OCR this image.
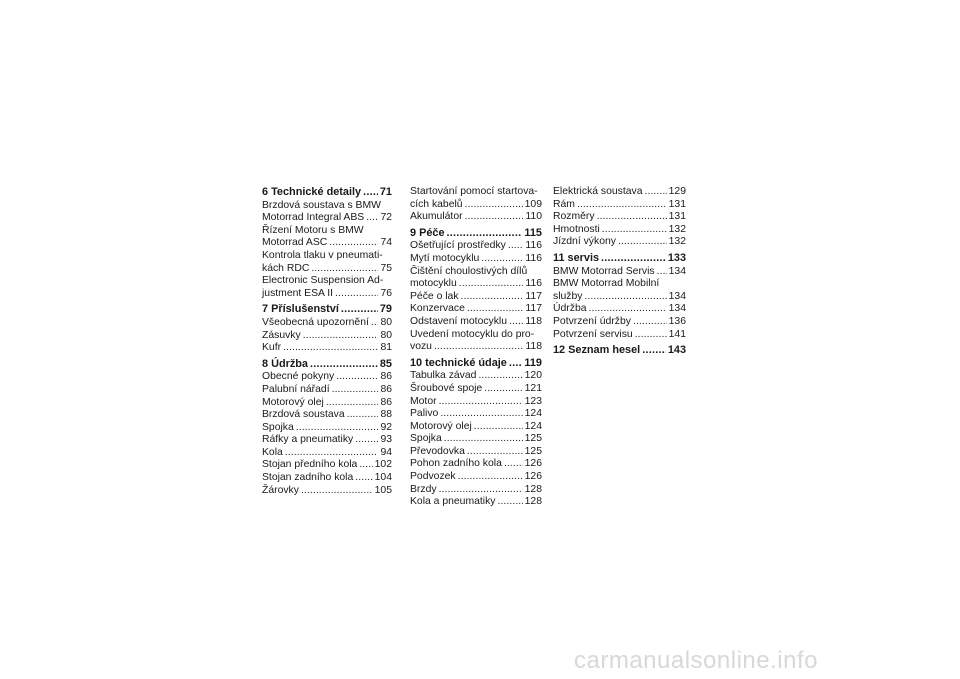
6 Technické detaily . . . 71
Brzdová soustava s BMW
Motorrad Integral ABS . . . 72
Řízení Motoru s BMW
Motorrad ASC . . .	74
Kontrola tlaku v pneumati-
kách RDC . . .	75
Electronic Suspension Ad-
justment ESA II . . .	76
7 Příslušenství . . .	79
Všeobecná upozornění . . . 80
Zásuvky . . .	80
Kufr . . .	81
8 Údržba . . .	85
Obecné pokyny . . .	86
Palubní nářadí . . .	86
Motorový olej . . .	86
Brzdová soustava . . .	88
Spojka . . .	92
Ráfky a pneumatiky . . .	93
Kola . . .	94
Stojan předního kola . . . 102
Stojan zadního kola . . . 104
Žárovky . . .	105
Startování pomocí startova-
cích kabelů . . .	109
Akumulátor . . .	110
9 Péče . . .	115
Ošetřující prostředky . . . 116
Mytí motocyklu . . .	116
Čištění choulostivých dílů
motocyklu . . .	116
Péče o lak . . .	117
Konzervace . . .	117
Odstavení motocyklu . . . 118
Uvedení motocyklu do pro-
vozu . . .	118
10 technické údaje . . . 119
Tabulka závad . . .	120
Šroubové spoje . . .	121
Motor . . .	123
Palivo . . .	124
Motorový olej . . .	124
Spojka . . .	125
Převodovka . . .	125
Pohon zadního kola . . . 126
Podvozek . . .	126
Brzdy . . .	128
Kola a pneumatiky . . .	128
Elektrická soustava . . .	129
Rám . . .	131
Rozměry . . .	131
Hmotnosti . . .	132
Jízdní výkony . . .	132
11 servis . . .	133
BMW Motorrad Servis . . . 134
BMW Motorrad Mobilní
služby . . .	134
Údržba . . .	134
Potvrzení údržby . . .	136
Potvrzení servisu . . .	141
12 Seznam hesel . . .	143
carmanualsonline.info
